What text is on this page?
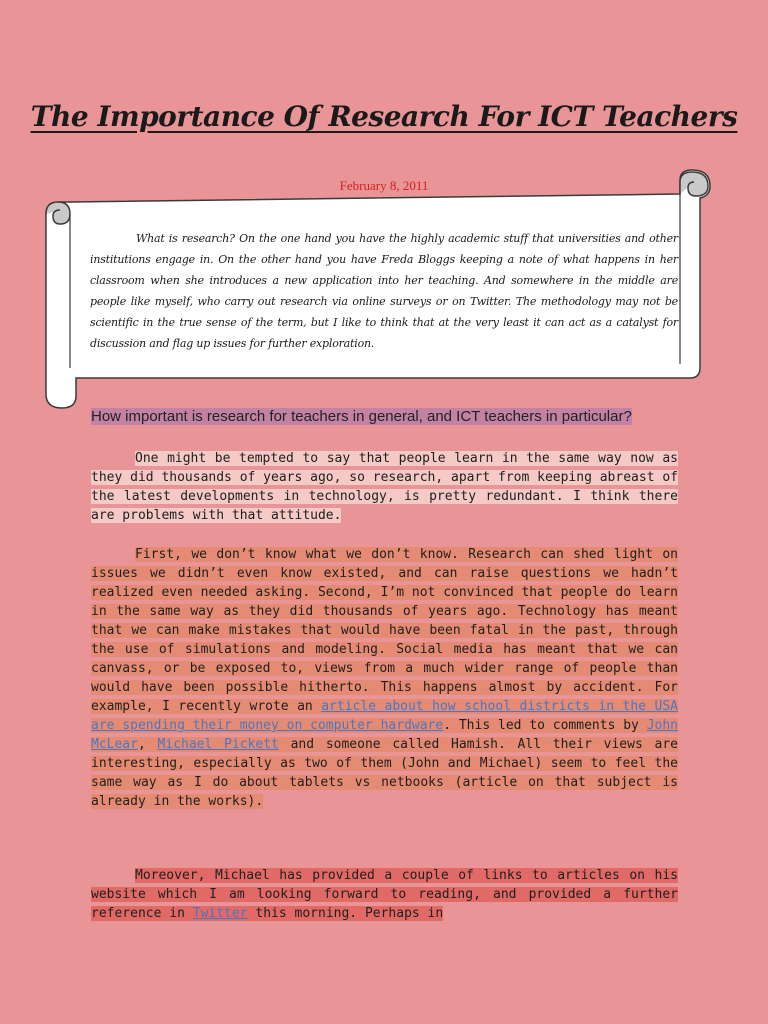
The Importance Of Research For ICT Teachers
February 8, 2011
What is research? On the one hand you have the highly academic stuff that universities and other institutions engage in. On the other hand you have Freda Bloggs keeping a note of what happens in her classroom when she introduces a new application into her teaching. And somewhere in the middle are people like myself, who carry out research via online surveys or on Twitter. The methodology may not be scientific in the true sense of the term, but I like to think that at the very least it can act as a catalyst for discussion and flag up issues for further exploration.
How important is research for teachers in general, and ICT teachers in particular?
One might be tempted to say that people learn in the same way now as they did thousands of years ago, so research, apart from keeping abreast of the latest developments in technology, is pretty redundant. I think there are problems with that attitude.
First, we don’t know what we don’t know. Research can shed light on issues we didn’t even know existed, and can raise questions we hadn’t realized even needed asking. Second, I’m not convinced that people do learn in the same way as they did thousands of years ago. Technology has meant that we can make mistakes that would have been fatal in the past, through the use of simulations and modeling. Social media has meant that we can canvass, or be exposed to, views from a much wider range of people than would have been possible hitherto. This happens almost by accident. For example, I recently wrote an article about how school districts in the USA are spending their money on computer hardware. This led to comments by John McLear, Michael Pickett and someone called Hamish. All their views are interesting, especially as two of them (John and Michael) seem to feel the same way as I do about tablets vs netbooks (article on that subject is already in the works).
Moreover, Michael has provided a couple of links to articles on his website which I am looking forward to reading, and provided a further reference in Twitter this morning. Perhaps in
